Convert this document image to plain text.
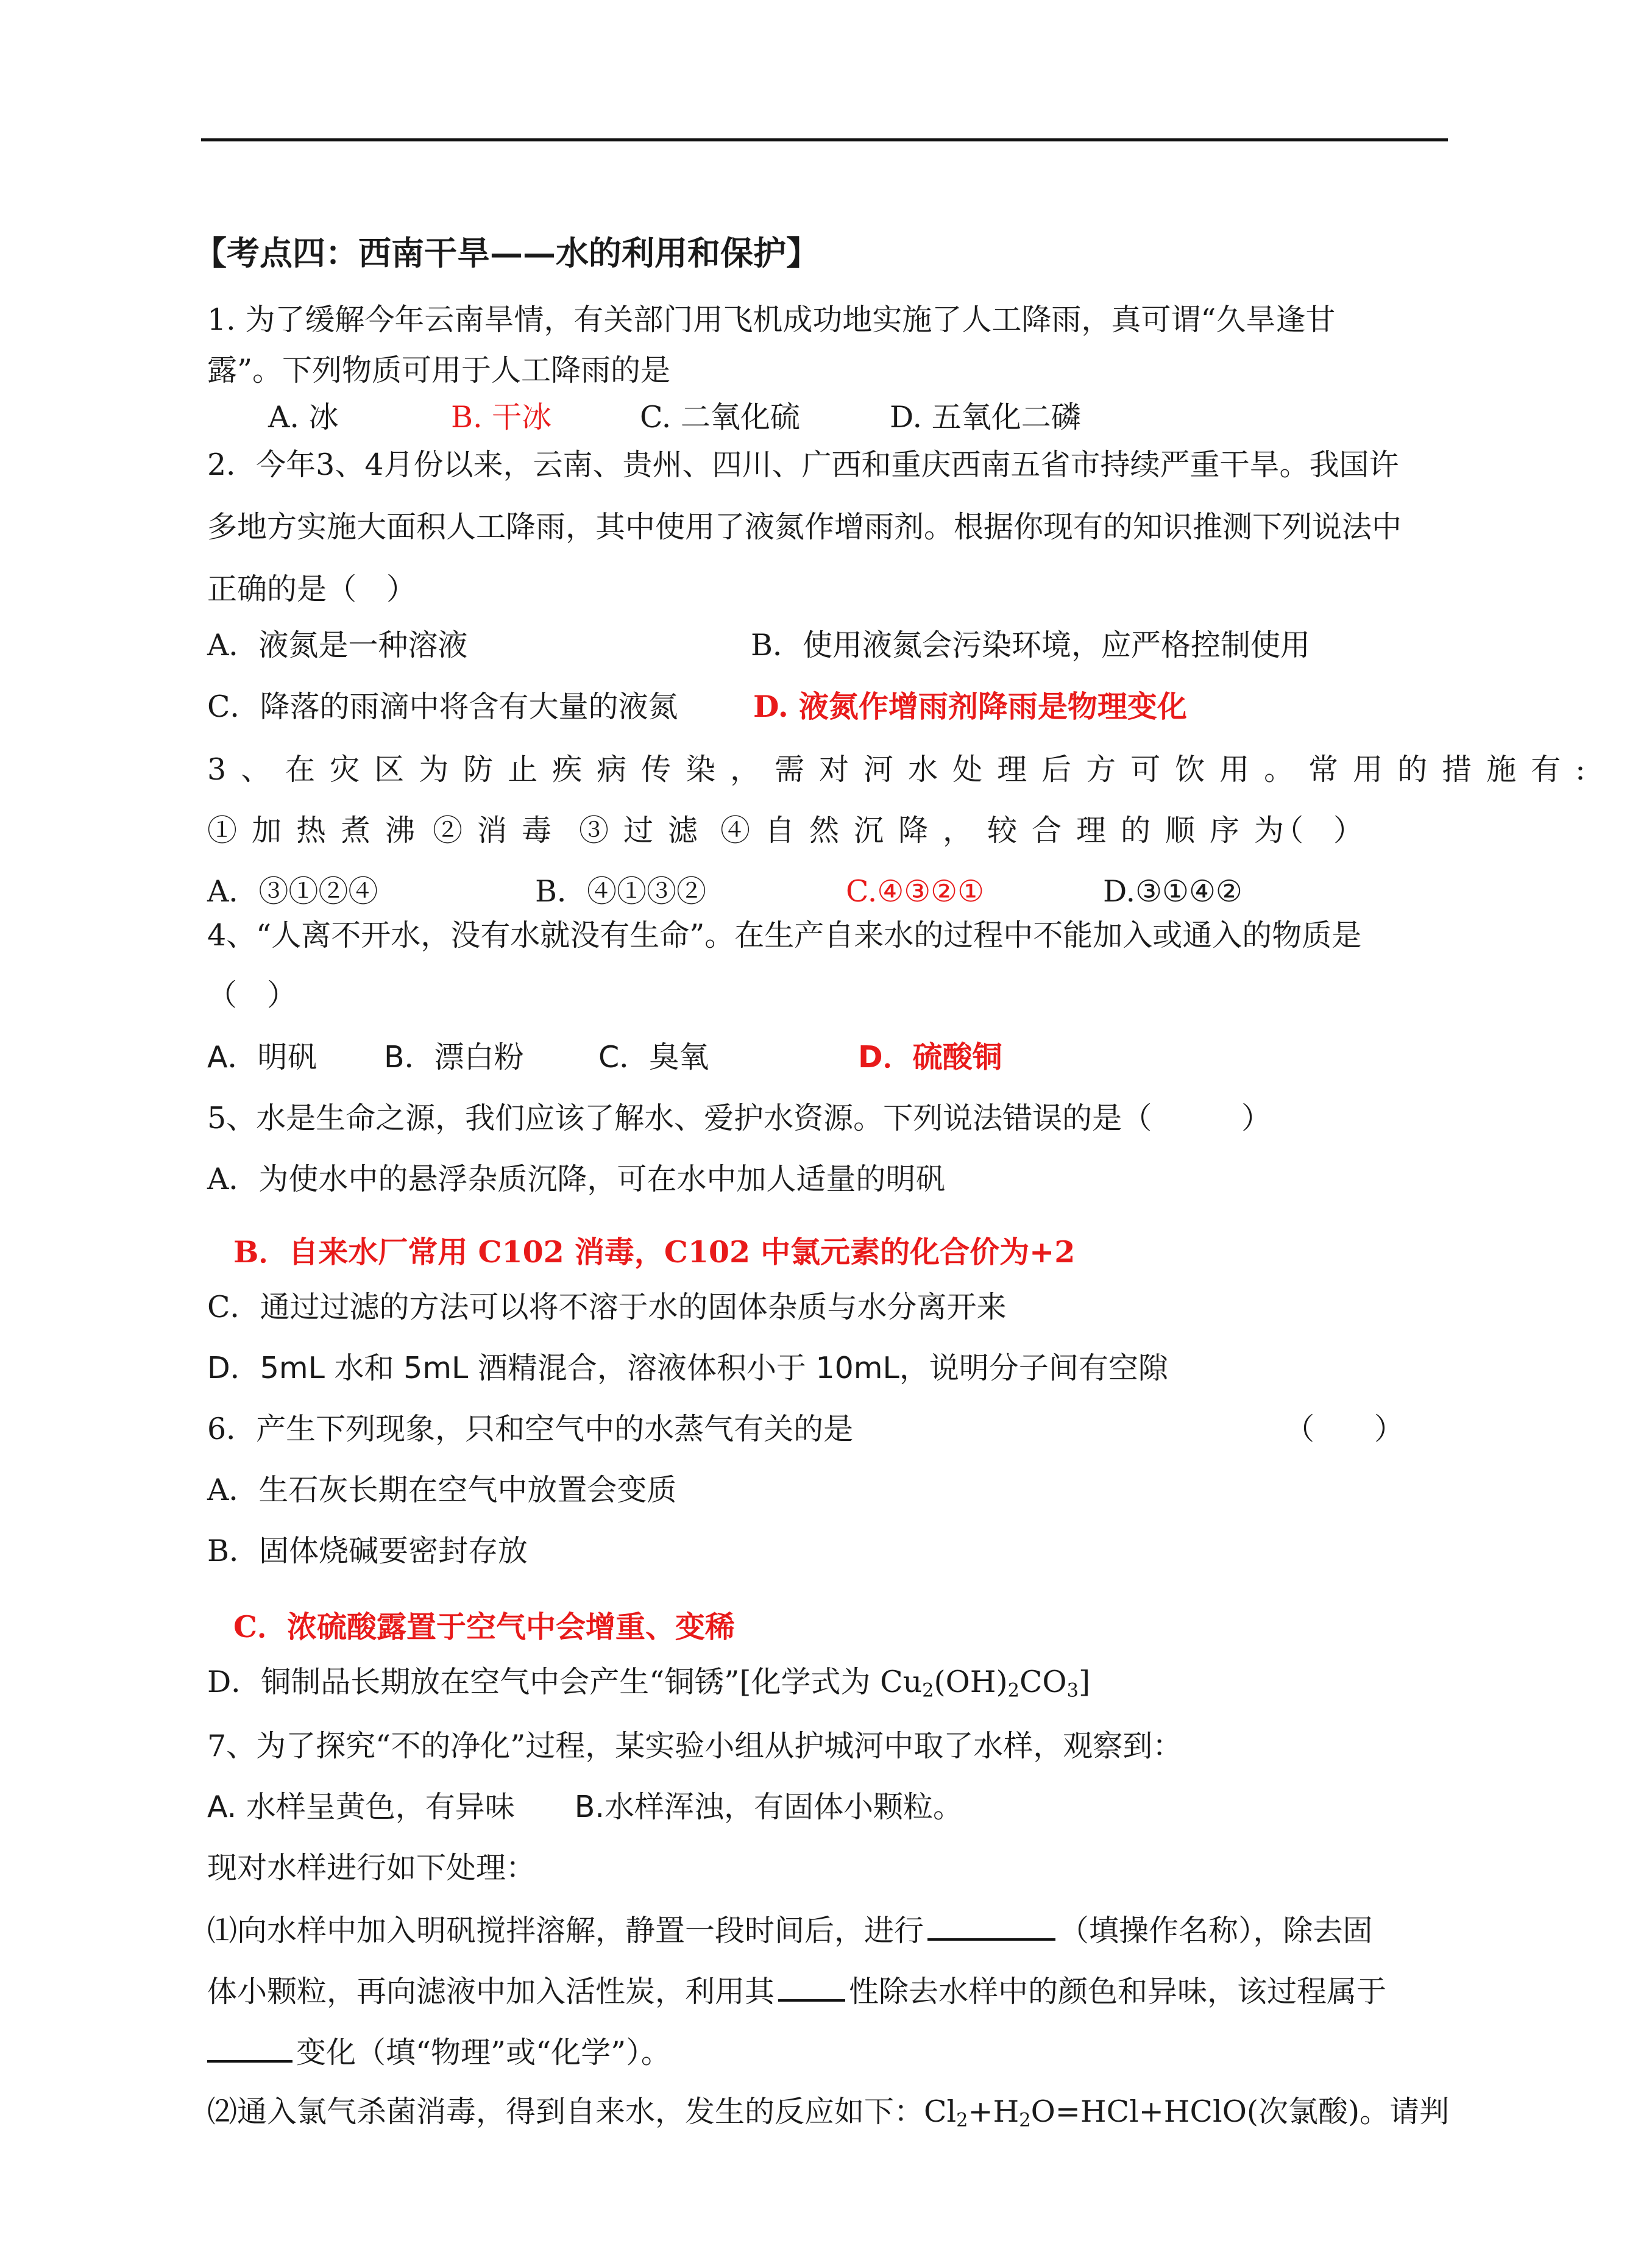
【考点四：西南干旱——水的利用和保护】
1. 为了缓解今年云南旱情，有关部门用飞机成功地实施了人工降雨，真可谓“久旱逢甘
露”。下列物质可用于人工降雨的是
A. 冰	B. 干冰	C. 二氧化硫	D. 五氧化二磷
2．今年3、4月份以来，云南、贵州、四川、广西和重庆西南五省市持续严重干旱。我国许
多地方实施大面积人工降雨，其中使用了液氮作增雨剂。根据你现有的知识推测下列说法中
正确的是（　）
A．液氮是一种溶液	B．使用液氮会污染环境，应严格控制使用
C．降落的雨滴中将含有大量的液氮	D. 液氮作增雨剂降雨是物理变化
3、在灾区为防止疾病传染，需对河水处理后方可饮用。常用的措施有:
①加热煮沸 ②消毒 ③过滤 ④自然沉降，较合理的顺序为
（　）
A．③①②④	B．④①③②	C.④③②①	D.③①④②
4、“人离不开水，没有水就没有生命”。在生产自来水的过程中不能加入或通入的物质是
（　）
A．明矾 B．漂白粉 C．臭氧	D．硫酸铜
5、水是生命之源，我们应该了解水、爱护水资源。下列说法错误的是（　　　）
A．为使水中的悬浮杂质沉降，可在水中加人适量的明矾
B．自来水厂常用 C102 消毒，C102 中氯元素的化合价为+2
C．通过过滤的方法可以将不溶于水的固体杂质与水分离开来
D．5mL 水和 5mL 酒精混合，溶液体积小于 10mL，说明分子间有空隙
6．产生下列现象，只和空气中的水蒸气有关的是	（　　）
A．生石灰长期在空气中放置会变质
B．固体烧碱要密封存放
C．浓硫酸露置于空气中会增重、变稀
D．铜制品长期放在空气中会产生“铜锈”[化学式为 $Cu_2(OH)_2CO_3$]
7、为了探究“不的净化”过程，某实验小组从护城河中取了水样，观察到：
A. 水样呈黄色，有异味　　B.水样浑浊，有固体小颗粒。
现对水样进行如下处理：
⑴向水样中加入明矾搅拌溶解，静置一段时间后，进行	（填操作名称），除去固
体小颗粒，再向滤液中加入活性炭，利用其 性除去水样中的颜色和异味，该过程属于
变化（填“物理”或“化学”）。
⑵通入氯气杀菌消毒，得到自来水，发生的反应如下：$Cl_2+H_2O=HCl+HClO$(次氯酸)。请判
